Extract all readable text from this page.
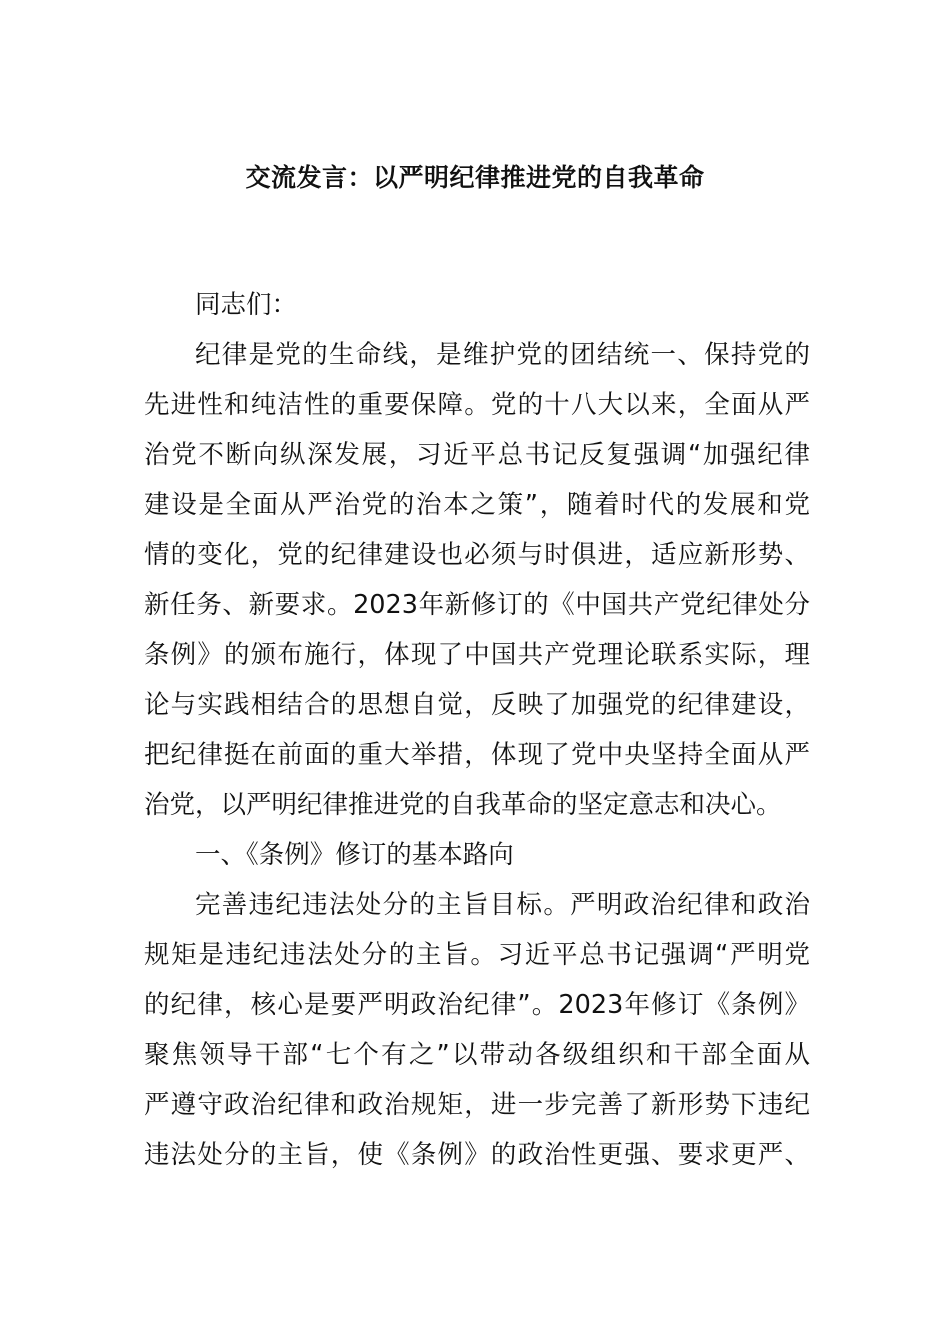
交流发言：以严明纪律推进党的自我革命
同志们：
纪律是党的生命线，是维护党的团结统一、保持党的
先进性和纯洁性的重要保障。党的十八大以来，全面从严
治党不断向纵深发展，习近平总书记反复强调“加强纪律
建设是全面从严治党的治本之策”，随着时代的发展和党
情的变化，党的纪律建设也必须与时俱进，适应新形势、
新任务、新要求。2023年新修订的《中国共产党纪律处分
条例》的颁布施行，体现了中国共产党理论联系实际，理
论与实践相结合的思想自觉，反映了加强党的纪律建设，
把纪律挺在前面的重大举措，体现了党中央坚持全面从严
治党，以严明纪律推进党的自我革命的坚定意志和决心。
一、《条例》修订的基本路向
完善违纪违法处分的主旨目标。严明政治纪律和政治
规矩是违纪违法处分的主旨。习近平总书记强调“严明党
的纪律，核心是要严明政治纪律”。2023年修订《条例》
聚焦领导干部“七个有之”以带动各级组织和干部全面从
严遵守政治纪律和政治规矩，进一步完善了新形势下违纪
违法处分的主旨，使《条例》的政治性更强、要求更严、
